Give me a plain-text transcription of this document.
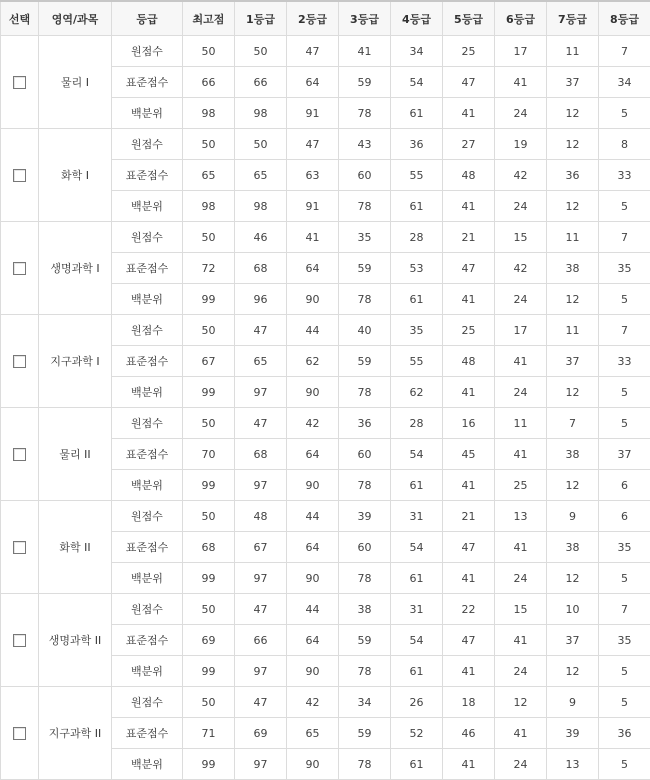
선택	영역/과목	등급	최고점	1등급	2등급	3등급	4등급	5등급	6등급	7등급	8등급
	물리 I	원점수	50	50	47	41	34	25	17	11	7
		표준점수	66	66	64	59	54	47	41	37	34
		백분위	98	98	91	78	61	41	24	12	5
	화학 I	원점수	50	50	47	43	36	27	19	12	8
		표준점수	65	65	63	60	55	48	42	36	33
		백분위	98	98	91	78	61	41	24	12	5
	생명과학 I	원점수	50	46	41	35	28	21	15	11	7
		표준점수	72	68	64	59	53	47	42	38	35
		백분위	99	96	90	78	61	41	24	12	5
	지구과학 I	원점수	50	47	44	40	35	25	17	11	7
		표준점수	67	65	62	59	55	48	41	37	33
		백분위	99	97	90	78	62	41	24	12	5
	물리 II	원점수	50	47	42	36	28	16	11	7	5
		표준점수	70	68	64	60	54	45	41	38	37
		백분위	99	97	90	78	61	41	25	12	6
	화학 II	원점수	50	48	44	39	31	21	13	9	6
		표준점수	68	67	64	60	54	47	41	38	35
		백분위	99	97	90	78	61	41	24	12	5
	생명과학 II	원점수	50	47	44	38	31	22	15	10	7
		표준점수	69	66	64	59	54	47	41	37	35
		백분위	99	97	90	78	61	41	24	12	5
	지구과학 II	원점수	50	47	42	34	26	18	12	9	5
		표준점수	71	69	65	59	52	46	41	39	36
		백분위	99	97	90	78	61	41	24	13	5
